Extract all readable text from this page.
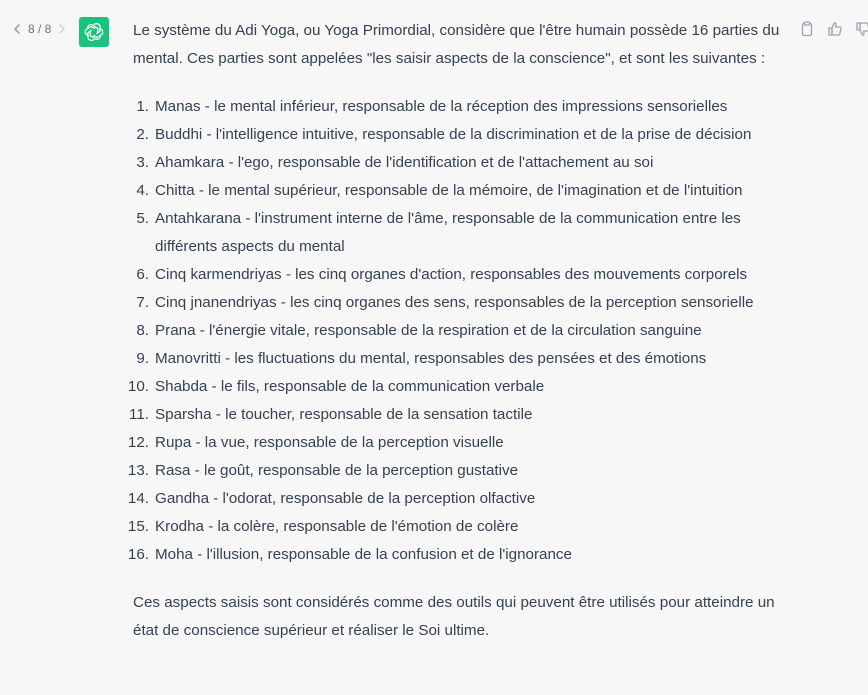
8 / 8	Le système du Adi Yoga, ou Yoga Primordial, considère que l'être humain possède 16 parties du mental. Ces parties sont appelées "les saisir aspects de la conscience", et sont les suivantes :

1. Manas - le mental inférieur, responsable de la réception des impressions sensorielles
2. Buddhi - l'intelligence intuitive, responsable de la discrimination et de la prise de décision
3. Ahamkara - l'ego, responsable de l'identification et de l'attachement au soi
4. Chitta - le mental supérieur, responsable de la mémoire, de l'imagination et de l'intuition
5. Antahkarana - l'instrument interne de l'âme, responsable de la communication entre les différents aspects du mental
6. Cinq karmendriyas - les cinq organes d'action, responsables des mouvements corporels
7. Cinq jnanendriyas - les cinq organes des sens, responsables de la perception sensorielle
8. Prana - l'énergie vitale, responsable de la respiration et de la circulation sanguine
9. Manovritti - les fluctuations du mental, responsables des pensées et des émotions
10. Shabda - le fils, responsable de la communication verbale
11. Sparsha - le toucher, responsable de la sensation tactile
12. Rupa - la vue, responsable de la perception visuelle
13. Rasa - le goût, responsable de la perception gustative
14. Gandha - l'odorat, responsable de la perception olfactive
15. Krodha - la colère, responsable de l'émotion de colère
16. Moha - l'illusion, responsable de la confusion et de l'ignorance

Ces aspects saisis sont considérés comme des outils qui peuvent être utilisés pour atteindre un état de conscience supérieur et réaliser le Soi ultime.
